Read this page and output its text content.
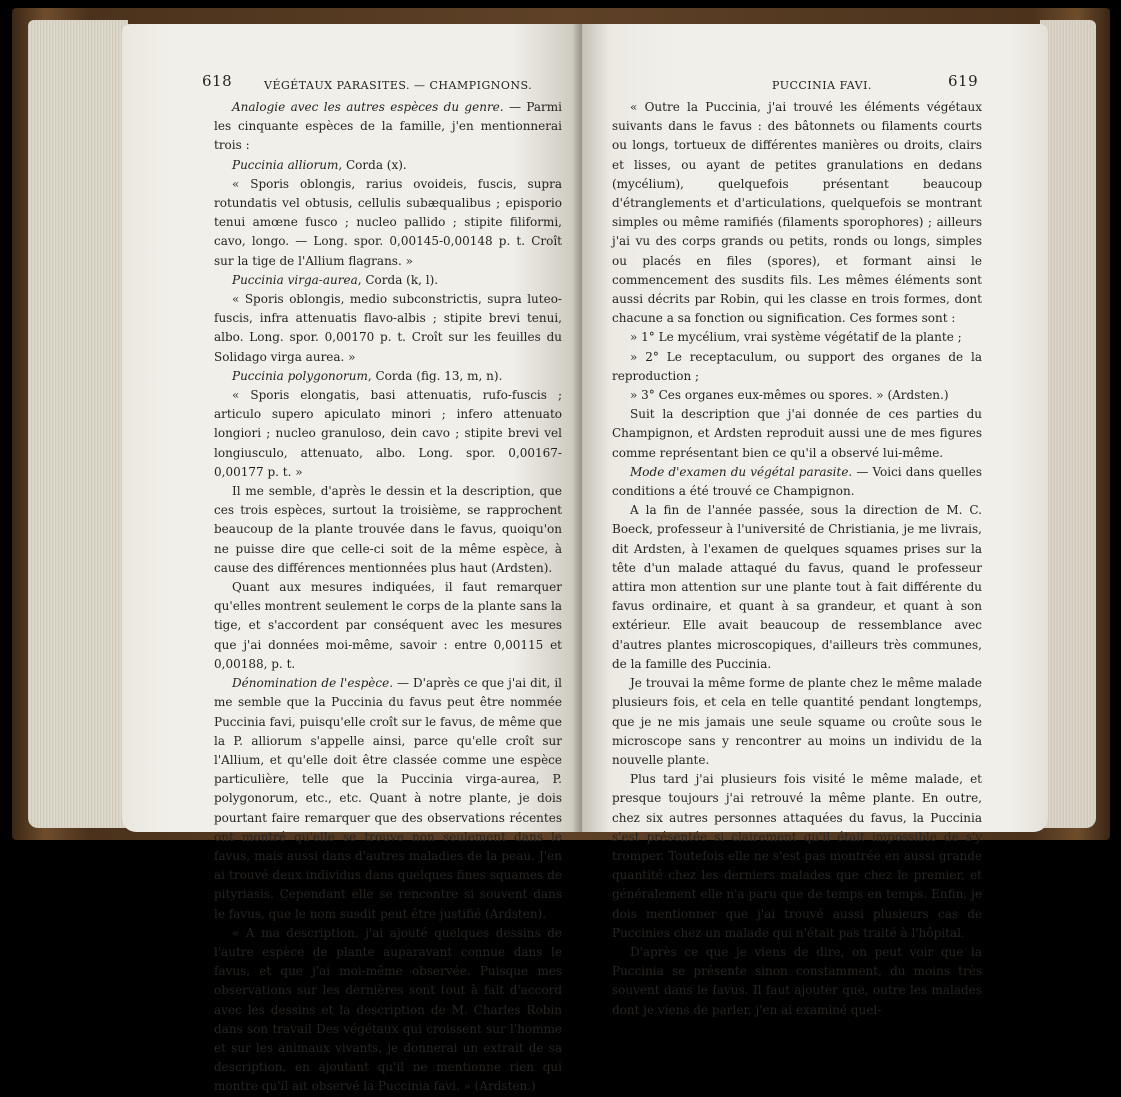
618	VÉGÉTAUX PARASITES. — CHAMPIGNONS.

Analogie avec les autres espèces du genre. — Parmi les cinquante espèces de la famille, j'en mentionnerai trois :

Puccinia alliorum, Corda (x).

« Sporis oblongis, rarius ovoideis, fuscis, supra rotundatis vel obtusis, cellulis subæqualibus ; episporio tenui amœne fusco ; nucleo pallido ; stipite filiformi, cavo, longo. — Long. spor. 0,00145-0,00148 p. t. Croît sur la tige de l'Allium flagrans. »

Puccinia virga-aurea, Corda (k, l).

« Sporis oblongis, medio subconstrictis, supra luteo-fuscis, infra attenuatis flavo-albis ; stipite brevi tenui, albo. Long. spor. 0,00170 p. t. Croît sur les feuilles du Solidago virga aurea. »

Puccinia polygonorum, Corda (fig. 13, m, n).

« Sporis elongatis, basi attenuatis, rufo-fuscis ; articulo supero apiculato minori ; infero attenuato longiori ; nucleo granuloso, dein cavo ; stipite brevi vel longiusculo, attenuato, albo. Long. spor. 0,00167-0,00177 p. t. »

Il me semble, d'après le dessin et la description, que ces trois espèces, surtout la troisième, se rapprochent beaucoup de la plante trouvée dans le favus, quoiqu'on ne puisse dire que celle-ci soit de la même espèce, à cause des différences mentionnées plus haut (Ardsten).

Quant aux mesures indiquées, il faut remarquer qu'elles montrent seulement le corps de la plante sans la tige, et s'accordent par conséquent avec les mesures que j'ai données moi-même, savoir : entre 0,00115 et 0,00188, p. t.

Dénomination de l'espèce. — D'après ce que j'ai dit, il me semble que la Puccinia du favus peut être nommée Puccinia favi, puisqu'elle croît sur le favus, de même que la P. alliorum s'appelle ainsi, parce qu'elle croît sur l'Allium, et qu'elle doit être classée comme une espèce particulière, telle que la Puccinia virga-aurea, P. polygonorum, etc., etc. Quant à notre plante, je dois pourtant faire remarquer que des observations récentes ont montré qu'elle se trouve non seulement dans le favus, mais aussi dans d'autres maladies de la peau. J'en ai trouvé deux individus dans quelques fines squames de pityriasis. Cependant elle se rencontre si souvent dans le favus, que le nom susdit peut être justifié (Ardsten).

« A ma description, j'ai ajouté quelques dessins de l'autre espèce de plante auparavant connue dans le favus, et que j'ai moi-même observée. Puisque mes observations sur les dernières sont tout à fait d'accord avec les dessins et la description de M. Charles Robin dans son travail Des végétaux qui croissent sur l'homme et sur les animaux vivants, je donnerai un extrait de sa description, en ajoutant qu'il ne mentionne rien qui montre qu'il ait observé la Puccinia favi. » (Ardsten.)

PUCCINIA FAVI.	619

« Outre la Puccinia, j'ai trouvé les éléments végétaux suivants dans le favus : des bâtonnets ou filaments courts ou longs, tortueux de différentes manières ou droits, clairs et lisses, ou ayant de petites granulations en dedans (mycélium), quelquefois présentant beaucoup d'étranglements et d'articulations, quelquefois se montrant simples ou même ramifiés (filaments sporophores) ; ailleurs j'ai vu des corps grands ou petits, ronds ou longs, simples ou placés en files (spores), et formant ainsi le commencement des susdits fils. Les mêmes éléments sont aussi décrits par Robin, qui les classe en trois formes, dont chacune a sa fonction ou signification. Ces formes sont :

» 1° Le mycélium, vrai système végétatif de la plante ;

» 2° Le receptaculum, ou support des organes de la reproduction ;

» 3° Ces organes eux-mêmes ou spores. » (Ardsten.)

Suit la description que j'ai donnée de ces parties du Champignon, et Ardsten reproduit aussi une de mes figures comme représentant bien ce qu'il a observé lui-même.

Mode d'examen du végétal parasite. — Voici dans quelles conditions a été trouvé ce Champignon.

A la fin de l'année passée, sous la direction de M. C. Boeck, professeur à l'université de Christiania, je me livrais, dit Ardsten, à l'examen de quelques squames prises sur la tête d'un malade attaqué du favus, quand le professeur attira mon attention sur une plante tout à fait différente du favus ordinaire, et quant à sa grandeur, et quant à son extérieur. Elle avait beaucoup de ressemblance avec d'autres plantes microscopiques, d'ailleurs très communes, de la famille des Puccinia.

Je trouvai la même forme de plante chez le même malade plusieurs fois, et cela en telle quantité pendant longtemps, que je ne mis jamais une seule squame ou croûte sous le microscope sans y rencontrer au moins un individu de la nouvelle plante.

Plus tard j'ai plusieurs fois visité le même malade, et presque toujours j'ai retrouvé la même plante. En outre, chez six autres personnes attaquées du favus, la Puccinia s'est présentée si clairement qu'il était impossible de s'y tromper. Toutefois elle ne s'est pas montrée en aussi grande quantité chez les derniers malades que chez le premier, et généralement elle n'a paru que de temps en temps. Enfin, je dois mentionner que j'ai trouvé aussi plusieurs cas de Puccinies chez un malade qui n'était pas traité à l'hôpital.

D'après ce que je viens de dire, on peut voir que la Puccinia se présente sinon constamment, du moins très souvent dans le favus. Il faut ajouter que, outre les malades dont je viens de parler, j'en ai examiné quel-
